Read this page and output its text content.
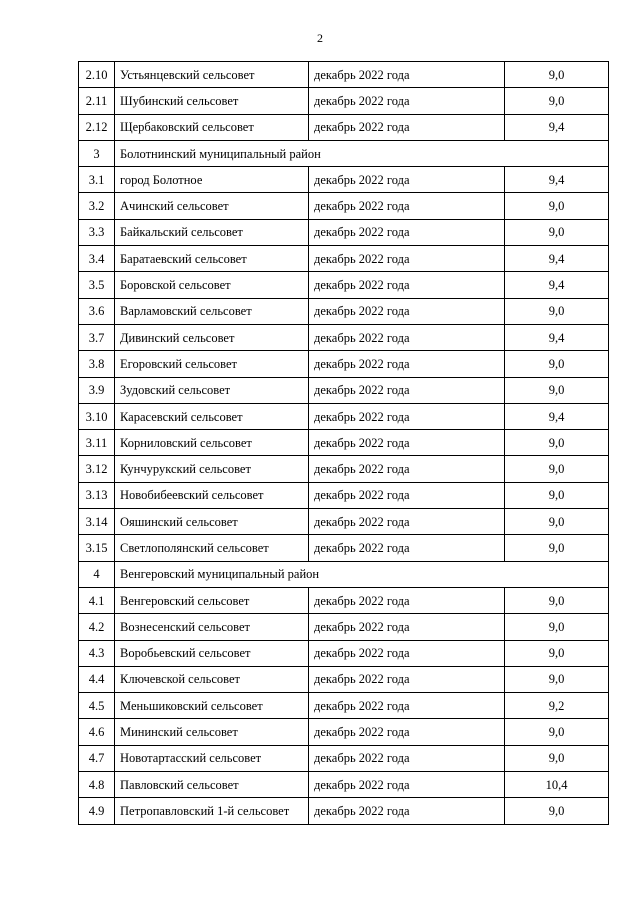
2
2.10	Устьянцевский сельсовет	декабрь 2022 года	9,0
2.11	Шубинский сельсовет	декабрь 2022 года	9,0
2.12	Щербаковский сельсовет	декабрь 2022 года	9,4
3	Болотнинский муниципальный район		
3.1	город Болотное	декабрь 2022 года	9,4
3.2	Ачинский сельсовет	декабрь 2022 года	9,0
3.3	Байкальский сельсовет	декабрь 2022 года	9,0
3.4	Баратаевский сельсовет	декабрь 2022 года	9,4
3.5	Боровской сельсовет	декабрь 2022 года	9,4
3.6	Варламовский сельсовет	декабрь 2022 года	9,0
3.7	Дивинский сельсовет	декабрь 2022 года	9,4
3.8	Егоровский сельсовет	декабрь 2022 года	9,0
3.9	Зудовский сельсовет	декабрь 2022 года	9,0
3.10	Карасевский сельсовет	декабрь 2022 года	9,4
3.11	Корниловский сельсовет	декабрь 2022 года	9,0
3.12	Кунчурукский сельсовет	декабрь 2022 года	9,0
3.13	Новобибеевский сельсовет	декабрь 2022 года	9,0
3.14	Ояшинский сельсовет	декабрь 2022 года	9,0
3.15	Светлополянский сельсовет	декабрь 2022 года	9,0
4	Венгеровский муниципальный район		
4.1	Венгеровский сельсовет	декабрь 2022 года	9,0
4.2	Вознесенский сельсовет	декабрь 2022 года	9,0
4.3	Воробьевский сельсовет	декабрь 2022 года	9,0
4.4	Ключевской сельсовет	декабрь 2022 года	9,0
4.5	Меньшиковский сельсовет	декабрь 2022 года	9,2
4.6	Мининский сельсовет	декабрь 2022 года	9,0
4.7	Новотартасский сельсовет	декабрь 2022 года	9,0
4.8	Павловский сельсовет	декабрь 2022 года	10,4
4.9	Петропавловский 1-й сельсовет	декабрь 2022 года	9,0
